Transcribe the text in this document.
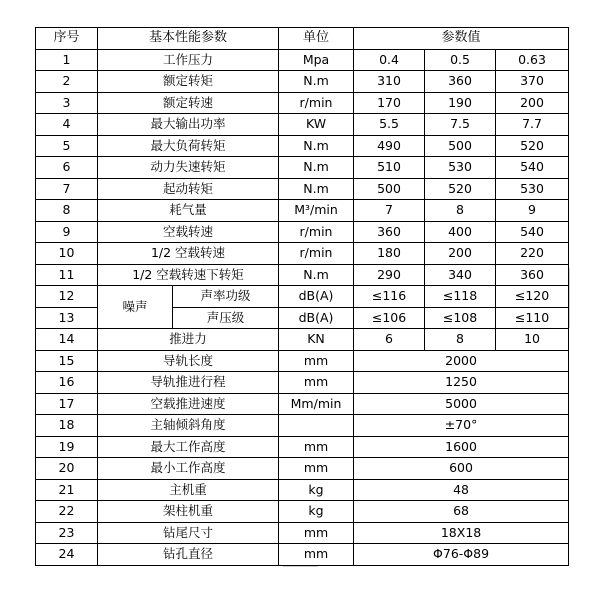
序号	基本性能参数		单位	参数值		
1	工作压力		Mpa	0.4	0.5	0.63
2	额定转矩		N.m	310	360	370
3	额定转速		r/min	170	190	200
4	最大输出功率		KW	5.5	7.5	7.7
5	最大负荷转矩		N.m	490	500	520
6	动力失速转矩		N.m	510	530	540
7	起动转矩		N.m	500	520	530
8	耗气量		M³/min	7	8	9
9	空载转速		r/min	360	400	540
10	1/2 空载转速		r/min	180	200	220
11	1/2 空载转速下转矩		N.m	290	340	360
12	噪声	声率功级	dB(A)	≤116	≤118	≤120
13		声压级	dB(A)	≤106	≤108	≤110
14	推进力		KN	6	8	10
15	导轨长度		mm	2000		
16	导轨推进行程		mm	1250		
17	空载推进速度		Mm/min	5000		
18	主轴倾斜角度			±70°		
19	最大工作高度		mm	1600		
20	最小工作高度		mm	600		
21	主机重		kg	48		
22	架柱机重		kg	68		
23	钻尾尺寸		mm	18X18		
24	钻孔直径		mm	Φ76-Φ89		
